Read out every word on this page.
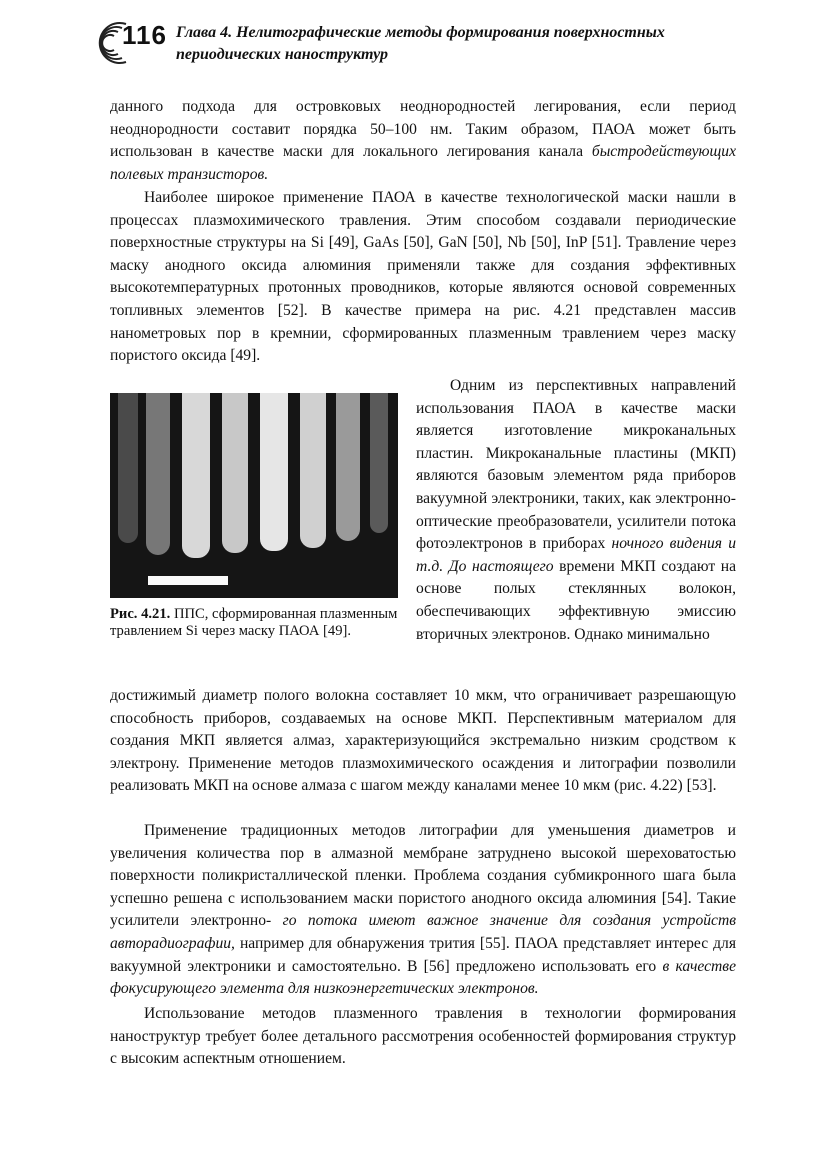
116 Глава 4. Нелитографические методы формирования поверхностных периодических наноструктур

данного подхода для островковых неоднородностей легирования, если период неоднородности составит порядка 50–100 нм. Таким образом, ПАОА может быть использован в качестве маски для локального легирования канала быстродействующих полевых транзисторов.

Наиболее широкое применение ПАОА в качестве технологической маски нашли в процессах плазмохимического травления. Этим способом создавали периодические поверхностные структуры на Si [49], GaAs [50], GaN [50], Nb [50], InP [51]. Травление через маску анодного оксида алюминия применяли также для создания эффективных высокотемпературных протонных проводников, которые являются основой современных топливных элементов [52]. В качестве примера на рис. 4.21 представлен массив нанометровых пор в кремнии, сформированных плазменным травлением через маску пористого оксида [49].

Рис. 4.21. ППС, сформированная плазменным травлением Si через маску ПАОА [49].

Одним из перспективных направлений использования ПАОА в качестве маски является изготовление микроканальных пластин. Микроканальные пластины (МКП) являются базовым элементом ряда приборов вакуумной электроники, таких, как электронно-оптические преобразователи, усилители потока фотоэлектронов в приборах ночного видения и т.д. До настоящего времени МКП создают на основе полых стеклянных волокон, обеспечивающих эффективную эмиссию вторичных электронов. Однако минимально

достижимый диаметр полого волокна составляет 10 мкм, что ограничивает разрешающую способность приборов, создаваемых на основе МКП. Перспективным материалом для создания МКП является алмаз, характеризующийся экстремально низким сродством к электрону. Применение методов плазмохимического осаждения и литографии позволили реализовать МКП на основе алмаза с шагом между каналами менее 10 мкм (рис. 4.22) [53].

Применение традиционных методов литографии для уменьшения диаметров и увеличения количества пор в алмазной мембране затруднено высокой шереховатостью поверхности поликристаллической пленки. Проблема создания субмикронного шага была успешно решена с использованием маски пористого анодного оксида алюминия [54]. Такие усилители электронно- го потока имеют важное значение для создания устройств авторадиографии, например для обнаружения трития [55]. ПАОА представляет интерес для вакуумной электроники и самостоятельно. В [56] предложено использовать его в качестве фокусирующего элемента для низкоэнергетических электронов.

Использование методов плазменного травления в технологии формирования наноструктур требует более детального рассмотрения особенностей формирования структур с высоким аспектным отношением.
